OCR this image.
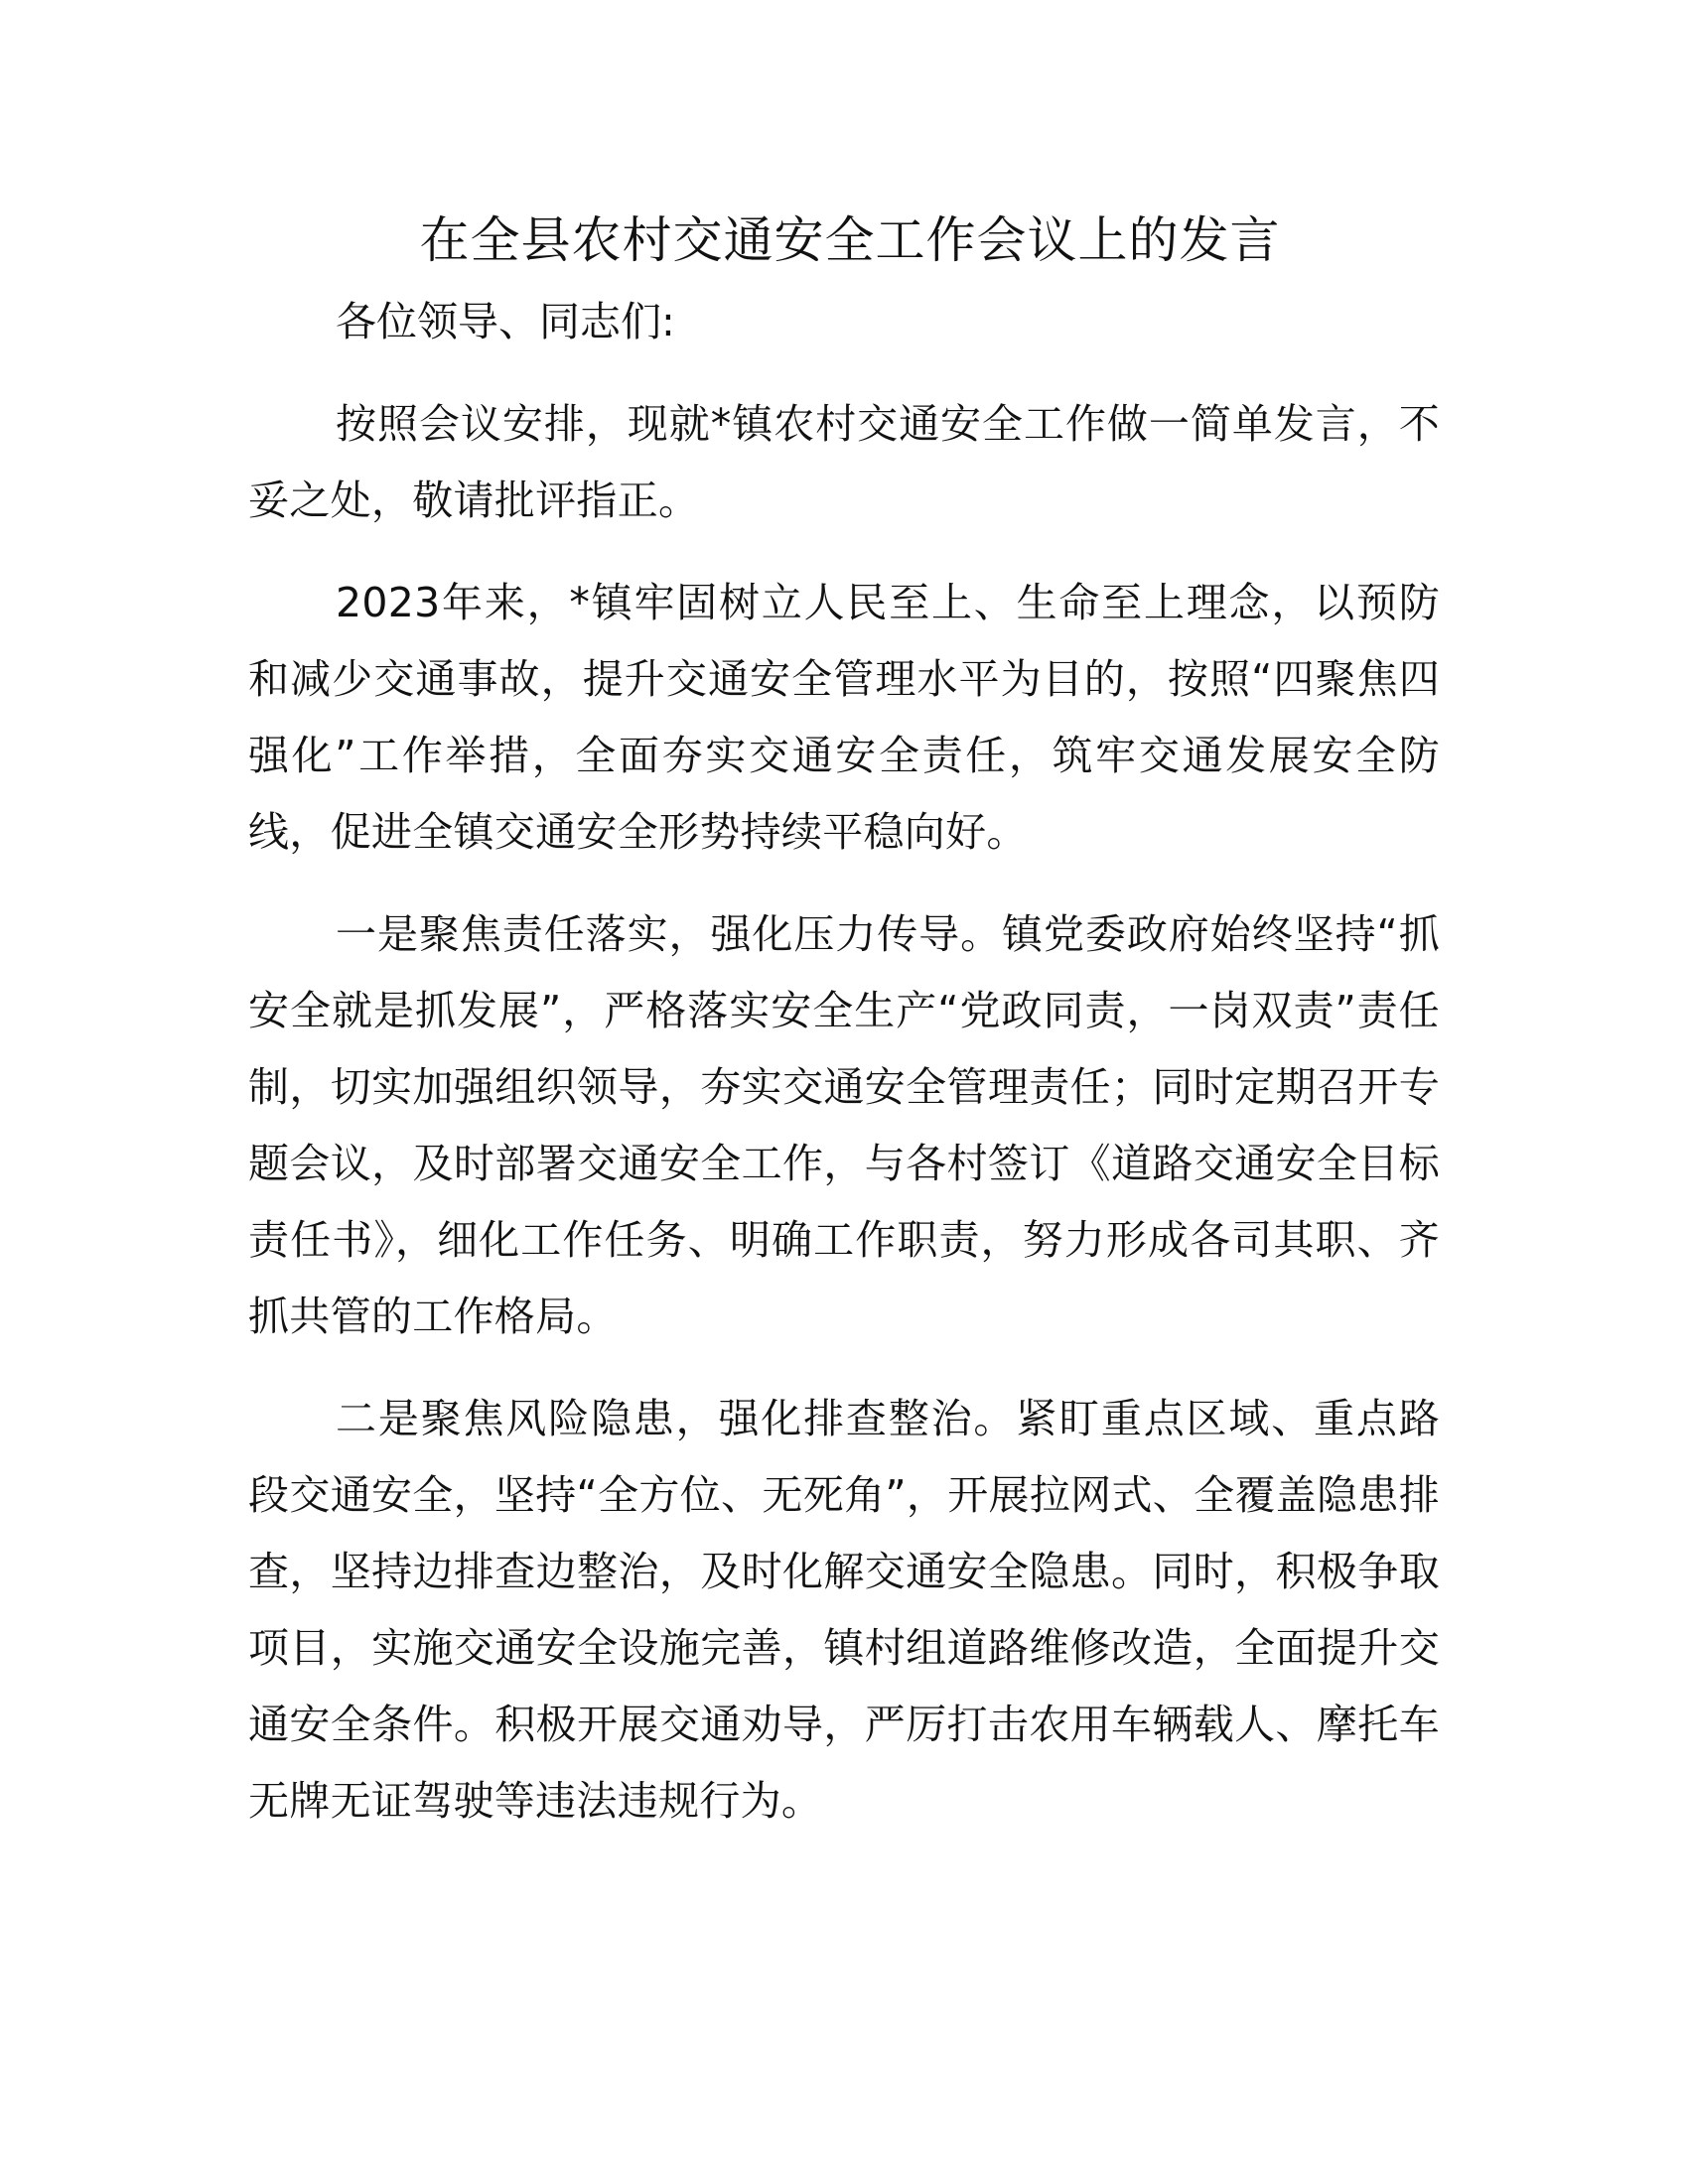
在全县农村交通安全工作会议上的发言

各位领导、同志们:

按照会议安排，现就*镇农村交通安全工作做一简单发言，不妥之处，敬请批评指正。

2023年来，*镇牢固树立人民至上、生命至上理念，以预防和减少交通事故，提升交通安全管理水平为目的，按照“四聚焦四强化”工作举措，全面夯实交通安全责任，筑牢交通发展安全防线，促进全镇交通安全形势持续平稳向好。

一是聚焦责任落实，强化压力传导。镇党委政府始终坚持“抓安全就是抓发展”，严格落实安全生产“党政同责，一岗双责”责任制，切实加强组织领导，夯实交通安全管理责任；同时定期召开专题会议，及时部署交通安全工作，与各村签订《道路交通安全目标责任书》，细化工作任务、明确工作职责，努力形成各司其职、齐抓共管的工作格局。

二是聚焦风险隐患，强化排查整治。紧盯重点区域、重点路段交通安全，坚持“全方位、无死角”，开展拉网式、全覆盖隐患排查，坚持边排查边整治，及时化解交通安全隐患。同时，积极争取项目，实施交通安全设施完善，镇村组道路维修改造，全面提升交通安全条件。积极开展交通劝导，严厉打击农用车辆载人、摩托车无牌无证驾驶等违法违规行为。
